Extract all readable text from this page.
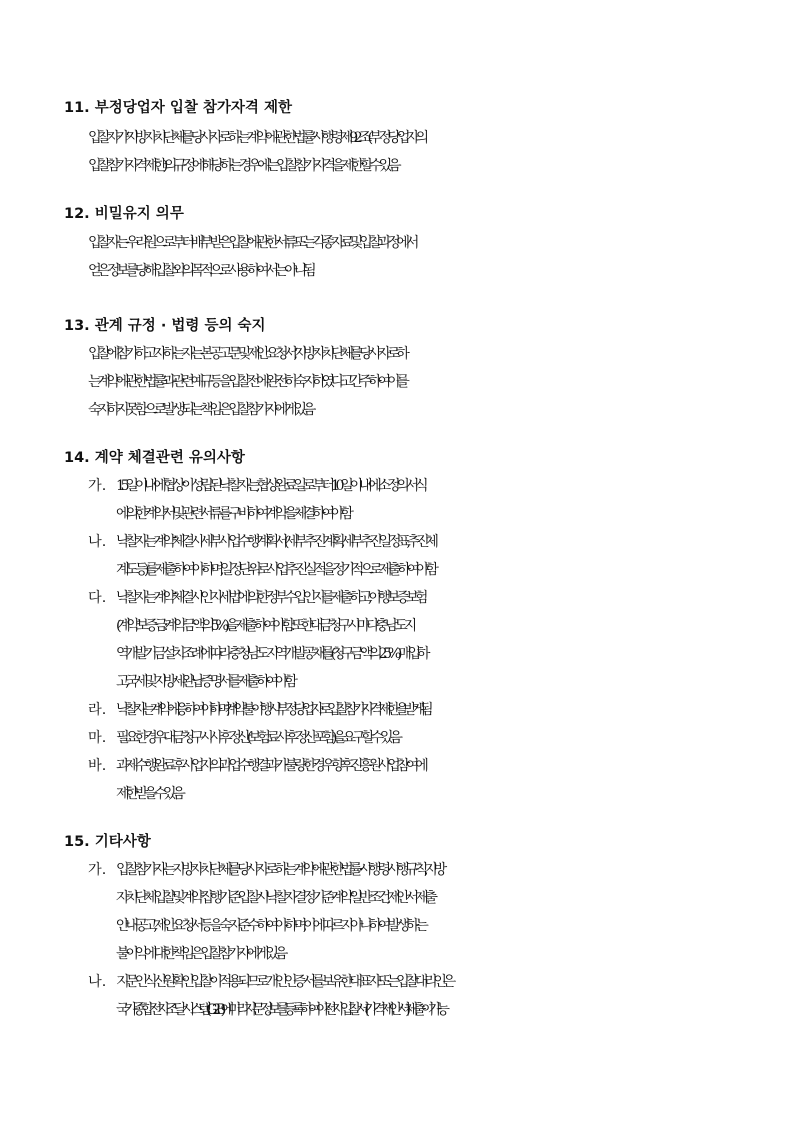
11. 부정당업자 입찰 참가자격 제한
입찰자가 ‘지방자치단체를당사자로하는계약에관한법률’ 시행령 제92조(부정당업자의
입찰 참가자격 제한)의 규정에 해당하는 경우에는 입찰참가자격을 제한할 수 있음
12. 비밀유지 의무
입찰자는 우리 원으로부터 배부 받은 입찰에 관한 서류 또는 각종 자료 및 입찰과정에서
얻은 정보를 당해 입찰 외의 목적으로 사용하여서는 아니 됨
13. 관계 규정 · 법령 등의 숙지
입찰에 참가하고자 하는 자는 본 공고문 및 제안요청서, ‘지방자치단체를당사자로하
는계약에관한법률’과 관련 예규 등을 입찰 전에 완전히 숙지하였다고 간주하여 이를
숙지하지 못함으로 발생되는 책임은 입찰 참가자에게 있음
14. 계약 체결관련 유의사항
가. 15일 이내에 협상이 성립된 낙찰자는, 협상완료일로 부터 10일 이내에 소정의 서식
에 의한 계약서 및 관련서류를 구비하여 계약을 체결하여야 함
나. 낙찰자는 계약체결 시 세부 사업수행계획서(세부 추진계획, 세부추진 일정표, 추진체
계도 등)를 제출하여야 하며, 일정단위로 사업추진 실적을 정기적으로 제출하여야 함
다. 낙찰자는 계약체결시 ‘인지세법’에 의한 정부수입인지를 제출하고, 이행보증보험
(계약보증금: 계약금액의 5%)을 제출하여야 함. 또한 대금청구 시 마다 ‘충남도 지
역개발기금 설치 조례’에 따라 충청남도 지역개발공채를(청구금액의 2.5%) 매입하
고, 국세 및 지방세 완납증명서를 제출하여야 함
라. 낙찰자는 계약에 응하여야 하며, 계약불이행시 부정당업자로 입찰참가 자격제한을 받게 됨
마. 필요한 경우 대금 청구 시 사후정산(보험료 사후정산 포함)을 요구할 수 있음
바. 과제 수행 완료 후 사업자의 과업 수행결과가 불량한 경우 향후 진흥원 사업 참여에
제한 받을 수 있음
15. 기타사항
가. 입찰참가자는 지방자치단체를 당사자로 하는 계약에 관한 법률·시행령·시행규칙, 지방
자치단체 입찰 및 계약 집행기준·입찰시 낙찰자 결정기준·계약일반조건, 제안서 제출
안내 공고, 제안요청서 등을 숙지·준수하여야 하며, 이에 따르지 아니하여 발생하는
불이익에 대한 책임은 입찰참가자에게 있음
나. 지문인식 신원확인 입찰이 적용되므로 개인인증서를 보유한 대표자 또는 입찰대리인은
국가종합전자조달시스템(G2B)에 미리 지문정보를 등록하여야 전자입찰서(가격제안서) 제출이 가능
